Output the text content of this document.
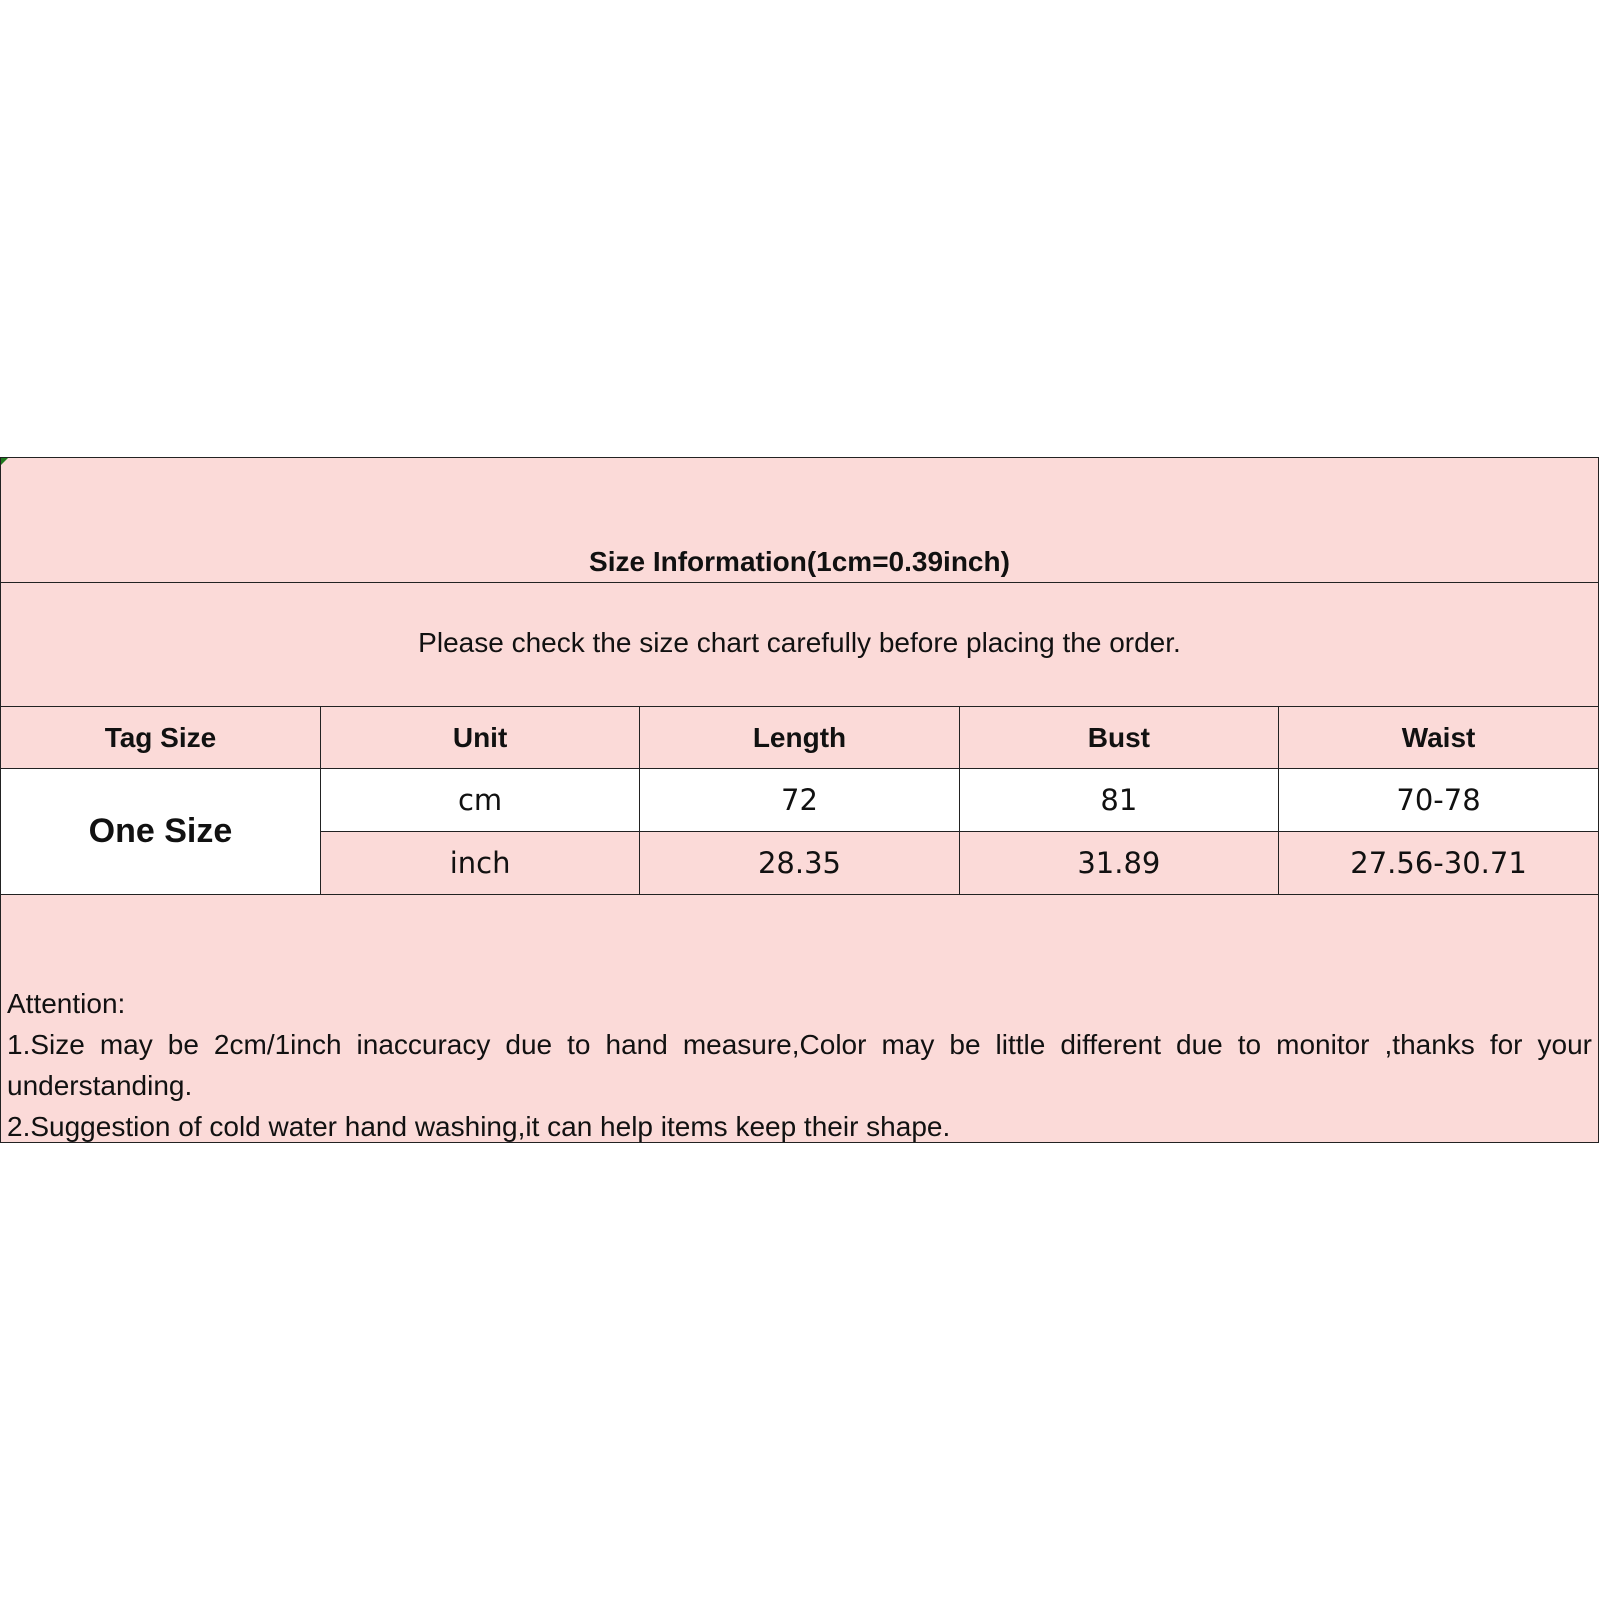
Size Information(1cm=0.39inch)
Please check the size chart carefully before placing the order.
Tag Size	Unit	Length	Bust	Waist
One Size	cm	72	81	70-78
	inch	28.35	31.89	27.56-30.71
Attention:
1.Size may be 2cm/1inch inaccuracy due to hand measure,Color may be little different due to monitor ,thanks for your understanding.
2.Suggestion of cold water hand washing,it can help items keep their shape.
